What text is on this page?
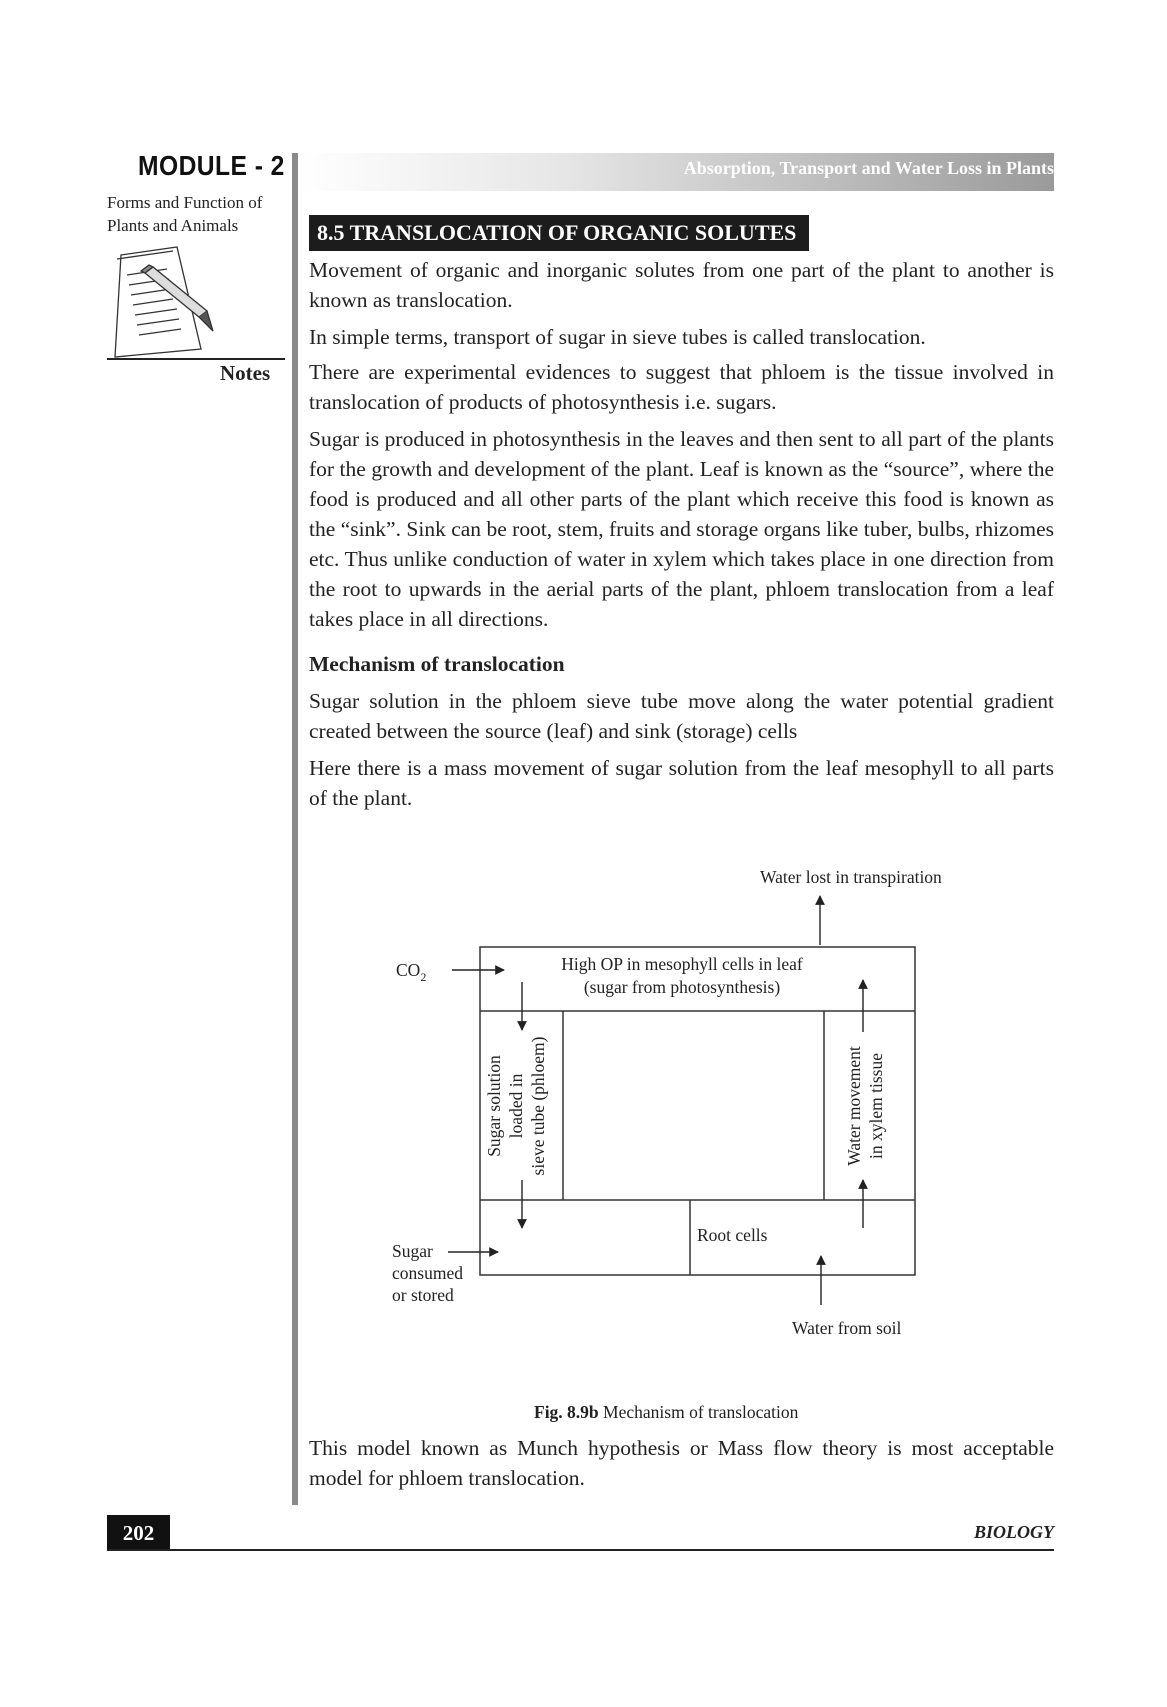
MODULE - 2
Forms and Function of Plants and Animals
Notes
Absorption, Transport and Water Loss in Plants
8.5 TRANSLOCATION OF ORGANIC SOLUTES

Movement of organic and inorganic solutes from one part of the plant to another is known as translocation.

In simple terms, transport of sugar in sieve tubes is called translocation.

There are experimental evidences to suggest that phloem is the tissue involved in translocation of products of photosynthesis i.e. sugars.

Sugar is produced in photosynthesis in the leaves and then sent to all part of the plants for the growth and development of the plant. Leaf is known as the “source”, where the food is produced and all other parts of the plant which receive this food is known as the “sink”. Sink can be root, stem, fruits and storage organs like tuber, bulbs, rhizomes etc. Thus unlike conduction of water in xylem which takes place in one direction from the root to upwards in the aerial parts of the plant, phloem translocation from a leaf takes place in all directions.

Mechanism of translocation

Sugar solution in the phloem sieve tube move along the water potential gradient created between the source (leaf) and sink (storage) cells

Here there is a mass movement of sugar solution from the leaf mesophyll to all parts of the plant.

Water lost in transpiration
$CO_2$
High OP in mesophyll cells in leaf
(sugar from photosynthesis)
Sugar solution loaded in sieve tube (phloem)	Water movement in xylem tissue
Sugar
consumed
or stored
Root cells
Water from soil
Fig. 8.9b Mechanism of translocation

This model known as Munch hypothesis or Mass flow theory is most acceptable model for phloem translocation.

202	BIOLOGY
